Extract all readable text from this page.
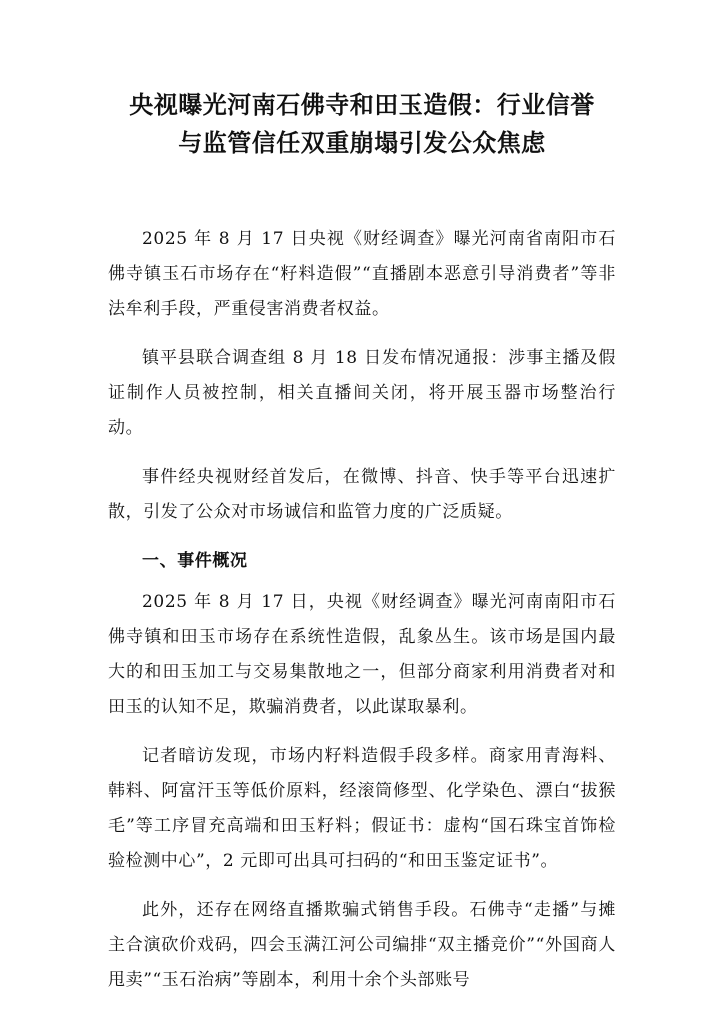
央视曝光河南石佛寺和田玉造假：行业信誉
与监管信任双重崩塌引发公众焦虑

2025 年 8 月 17 日央视《财经调查》曝光河南省南阳市石佛寺镇玉石市场存在“籽料造假”“直播剧本恶意引导消费者”等非法牟利手段，严重侵害消费者权益。

镇平县联合调查组 8 月 18 日发布情况通报：涉事主播及假证制作人员被控制，相关直播间关闭，将开展玉器市场整治行动。

事件经央视财经首发后，在微博、抖音、快手等平台迅速扩散，引发了公众对市场诚信和监管力度的广泛质疑。

一、事件概况

2025 年 8 月 17 日，央视《财经调查》曝光河南南阳市石佛寺镇和田玉市场存在系统性造假，乱象丛生。该市场是国内最大的和田玉加工与交易集散地之一，但部分商家利用消费者对和田玉的认知不足，欺骗消费者，以此谋取暴利。

记者暗访发现，市场内籽料造假手段多样。商家用青海料、韩料、阿富汗玉等低价原料，经滚筒修型、化学染色、漂白“拔猴毛”等工序冒充高端和田玉籽料；假证书：虚构“国石珠宝首饰检验检测中心”，2 元即可出具可扫码的“和田玉鉴定证书”。

此外，还存在网络直播欺骗式销售手段。石佛寺“走播”与摊主合演砍价戏码，四会玉满江河公司编排“双主播竞价”“外国商人甩卖”“玉石治病”等剧本，利用十余个头部账号
